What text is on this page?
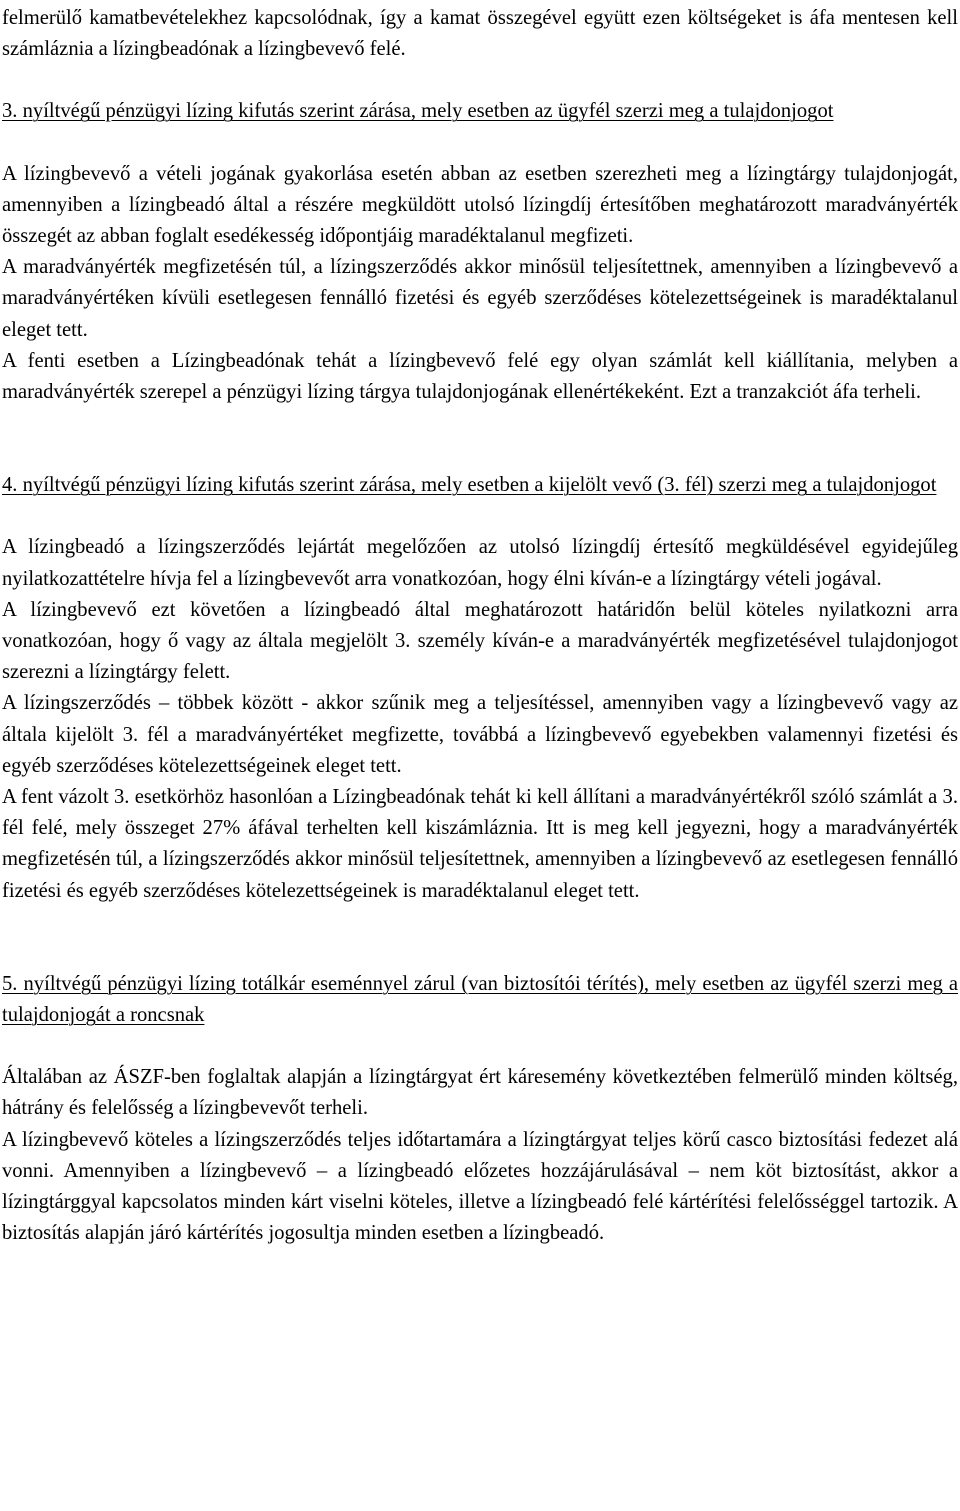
felmerülő kamatbevételekhez kapcsolódnak, így a kamat összegével együtt ezen költségeket is áfa mentesen kell számláznia a lízingbeadónak a lízingbevevő felé.

3. nyíltvégű pénzügyi lízing kifutás szerint zárása, mely esetben az ügyfél szerzi meg a tulajdonjogot

A lízingbevevő a vételi jogának gyakorlása esetén abban az esetben szerezheti meg a lízingtárgy tulajdonjogát, amennyiben a lízingbeadó által a részére megküldött utolsó lízingdíj értesítőben meghatározott maradványérték összegét az abban foglalt esedékesség időpontjáig maradéktalanul megfizeti.

A maradványérték megfizetésén túl, a lízingszerződés akkor minősül teljesítettnek, amennyiben a lízingbevevő a maradványértéken kívüli esetlegesen fennálló fizetési és egyéb szerződéses kötelezettségeinek is maradéktalanul eleget tett.

A fenti esetben a Lízingbeadónak tehát a lízingbevevő felé egy olyan számlát kell kiállítania, melyben a maradványérték szerepel a pénzügyi lízing tárgya tulajdonjogának ellenértékeként. Ezt a tranzakciót áfa terheli.

4. nyíltvégű pénzügyi lízing kifutás szerint zárása, mely esetben a kijelölt vevő (3. fél) szerzi meg a tulajdonjogot

A lízingbeadó a lízingszerződés lejártát megelőzően az utolsó lízingdíj értesítő megküldésével egyidejűleg nyilatkozattételre hívja fel a lízingbevevőt arra vonatkozóan, hogy élni kíván-e a lízingtárgy vételi jogával.

A lízingbevevő ezt követően a lízingbeadó által meghatározott határidőn belül köteles nyilatkozni arra vonatkozóan, hogy ő vagy az általa megjelölt 3. személy kíván-e a maradványérték megfizetésével tulajdonjogot szerezni a lízingtárgy felett.

A lízingszerződés – többek között - akkor szűnik meg a teljesítéssel, amennyiben vagy a lízingbevevő vagy az általa kijelölt 3. fél a maradványértéket megfizette, továbbá a lízingbevevő egyebekben valamennyi fizetési és egyéb szerződéses kötelezettségeinek eleget tett.

A fent vázolt 3. esetkörhöz hasonlóan a Lízingbeadónak tehát ki kell állítani a maradványértékről szóló számlát a 3. fél felé, mely összeget 27% áfával terhelten kell kiszámláznia. Itt is meg kell jegyezni, hogy a maradványérték megfizetésén túl, a lízingszerződés akkor minősül teljesítettnek, amennyiben a lízingbevevő az esetlegesen fennálló fizetési és egyéb szerződéses kötelezettségeinek is maradéktalanul eleget tett.

5. nyíltvégű pénzügyi lízing totálkár eseménnyel zárul (van biztosítói térítés), mely esetben az ügyfél szerzi meg a tulajdonjogát a roncsnak

Általában az ÁSZF-ben foglaltak alapján a lízingtárgyat ért káresemény következtében felmerülő minden költség, hátrány és felelősség a lízingbevevőt terheli.

A lízingbevevő köteles a lízingszerződés teljes időtartamára a lízingtárgyat teljes körű casco biztosítási fedezet alá vonni. Amennyiben a lízingbevevő – a lízingbeadó előzetes hozzájárulásával – nem köt biztosítást, akkor a lízingtárggyal kapcsolatos minden kárt viselni köteles, illetve a lízingbeadó felé kártérítési felelősséggel tartozik. A biztosítás alapján járó kártérítés jogosultja minden esetben a lízingbeadó.
